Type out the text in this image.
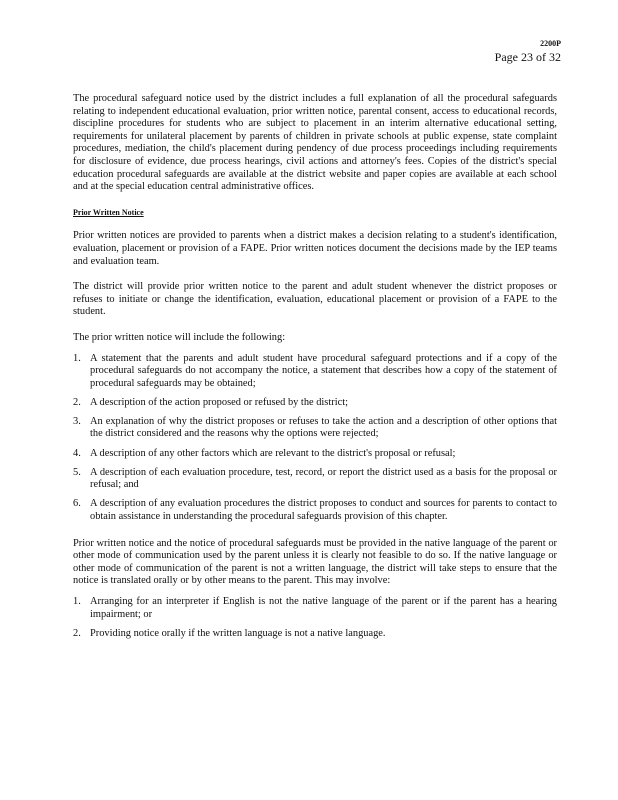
2200P
Page 23 of 32

The procedural safeguard notice used by the district includes a full explanation of all the procedural safeguards relating to independent educational evaluation, prior written notice, parental consent, access to educational records, discipline procedures for students who are subject to placement in an interim alternative educational setting, requirements for unilateral placement by parents of children in private schools at public expense, state complaint procedures, mediation, the child's placement during pendency of due process proceedings including requirements for disclosure of evidence, due process hearings, civil actions and attorney's fees. Copies of the district's special education procedural safeguards are available at the district website and paper copies are available at each school and at the special education central administrative offices.

Prior Written Notice

Prior written notices are provided to parents when a district makes a decision relating to a student's identification, evaluation, placement or provision of a FAPE. Prior written notices document the decisions made by the IEP teams and evaluation team.

The district will provide prior written notice to the parent and adult student whenever the district proposes or refuses to initiate or change the identification, evaluation, educational placement or provision of a FAPE to the student.

The prior written notice will include the following:

1. A statement that the parents and adult student have procedural safeguard protections and if a copy of the procedural safeguards do not accompany the notice, a statement that describes how a copy of the statement of procedural safeguards may be obtained;
2. A description of the action proposed or refused by the district;
3. An explanation of why the district proposes or refuses to take the action and a description of other options that the district considered and the reasons why the options were rejected;
4. A description of any other factors which are relevant to the district's proposal or refusal;
5. A description of each evaluation procedure, test, record, or report the district used as a basis for the proposal or refusal; and
6. A description of any evaluation procedures the district proposes to conduct and sources for parents to contact to obtain assistance in understanding the procedural safeguards provision of this chapter.

Prior written notice and the notice of procedural safeguards must be provided in the native language of the parent or other mode of communication used by the parent unless it is clearly not feasible to do so. If the native language or other mode of communication of the parent is not a written language, the district will take steps to ensure that the notice is translated orally or by other means to the parent. This may involve:

1. Arranging for an interpreter if English is not the native language of the parent or if the parent has a hearing impairment; or
2. Providing notice orally if the written language is not a native language.
